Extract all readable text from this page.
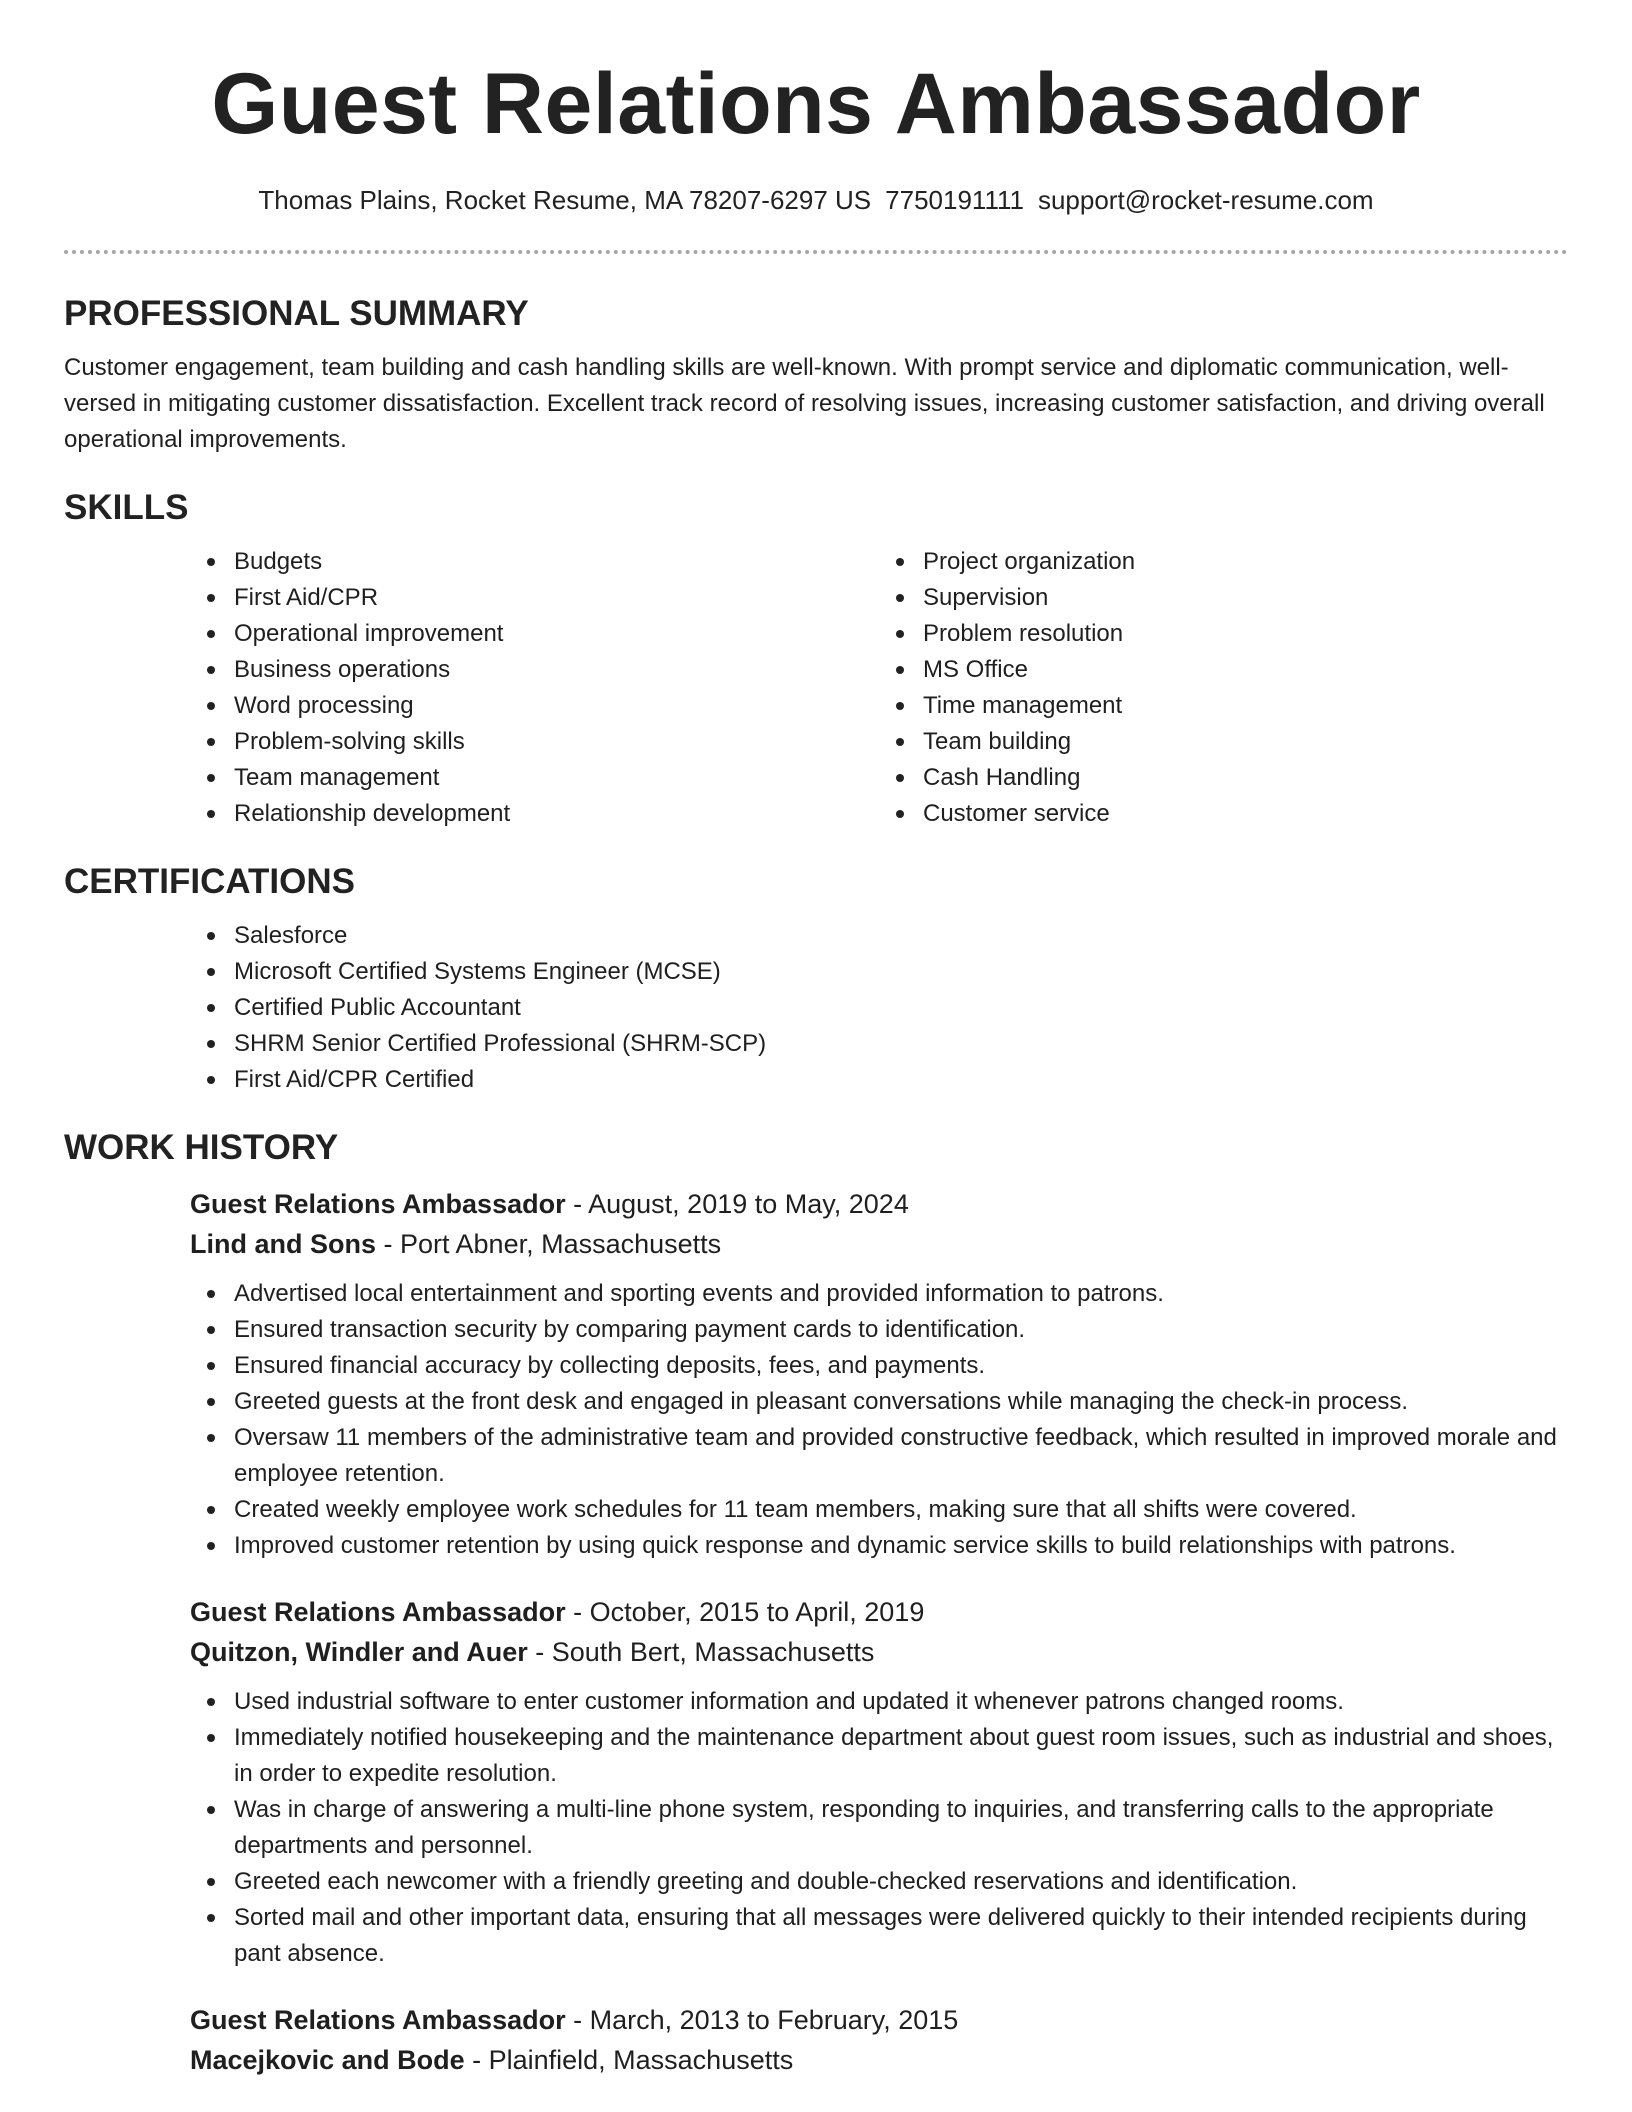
Guest Relations Ambassador
Thomas Plains, Rocket Resume, MA 78207-6297 US 7750191111 support@rocket-resume.com
PROFESSIONAL SUMMARY

Customer engagement, team building and cash handling skills are well-known. With prompt service and diplomatic communication, well-versed in mitigating customer dissatisfaction. Excellent track record of resolving issues, increasing customer satisfaction, and driving overall operational improvements.

SKILLS
Budgets
First Aid/CPR
Operational improvement
Business operations
Word processing
Problem-solving skills
Team management
Relationship development
Project organization
Supervision
Problem resolution
MS Office
Time management
Team building
Cash Handling
Customer service
CERTIFICATIONS
Salesforce
Microsoft Certified Systems Engineer (MCSE)
Certified Public Accountant
SHRM Senior Certified Professional (SHRM-SCP)
First Aid/CPR Certified
WORK HISTORY
Guest Relations Ambassador - August, 2019 to May, 2024
Lind and Sons - Port Abner, Massachusetts
Advertised local entertainment and sporting events and provided information to patrons.
Ensured transaction security by comparing payment cards to identification.
Ensured financial accuracy by collecting deposits, fees, and payments.
Greeted guests at the front desk and engaged in pleasant conversations while managing the check-in process.
Oversaw 11 members of the administrative team and provided constructive feedback, which resulted in improved morale and employee retention.
Created weekly employee work schedules for 11 team members, making sure that all shifts were covered.
Improved customer retention by using quick response and dynamic service skills to build relationships with patrons.
Guest Relations Ambassador - October, 2015 to April, 2019
Quitzon, Windler and Auer - South Bert, Massachusetts
Used industrial software to enter customer information and updated it whenever patrons changed rooms.
Immediately notified housekeeping and the maintenance department about guest room issues, such as industrial and shoes, in order to expedite resolution.
Was in charge of answering a multi-line phone system, responding to inquiries, and transferring calls to the appropriate departments and personnel.
Greeted each newcomer with a friendly greeting and double-checked reservations and identification.
Sorted mail and other important data, ensuring that all messages were delivered quickly to their intended recipients during pant absence.
Guest Relations Ambassador - March, 2013 to February, 2015
Macejkovic and Bode - Plainfield, Massachusetts
